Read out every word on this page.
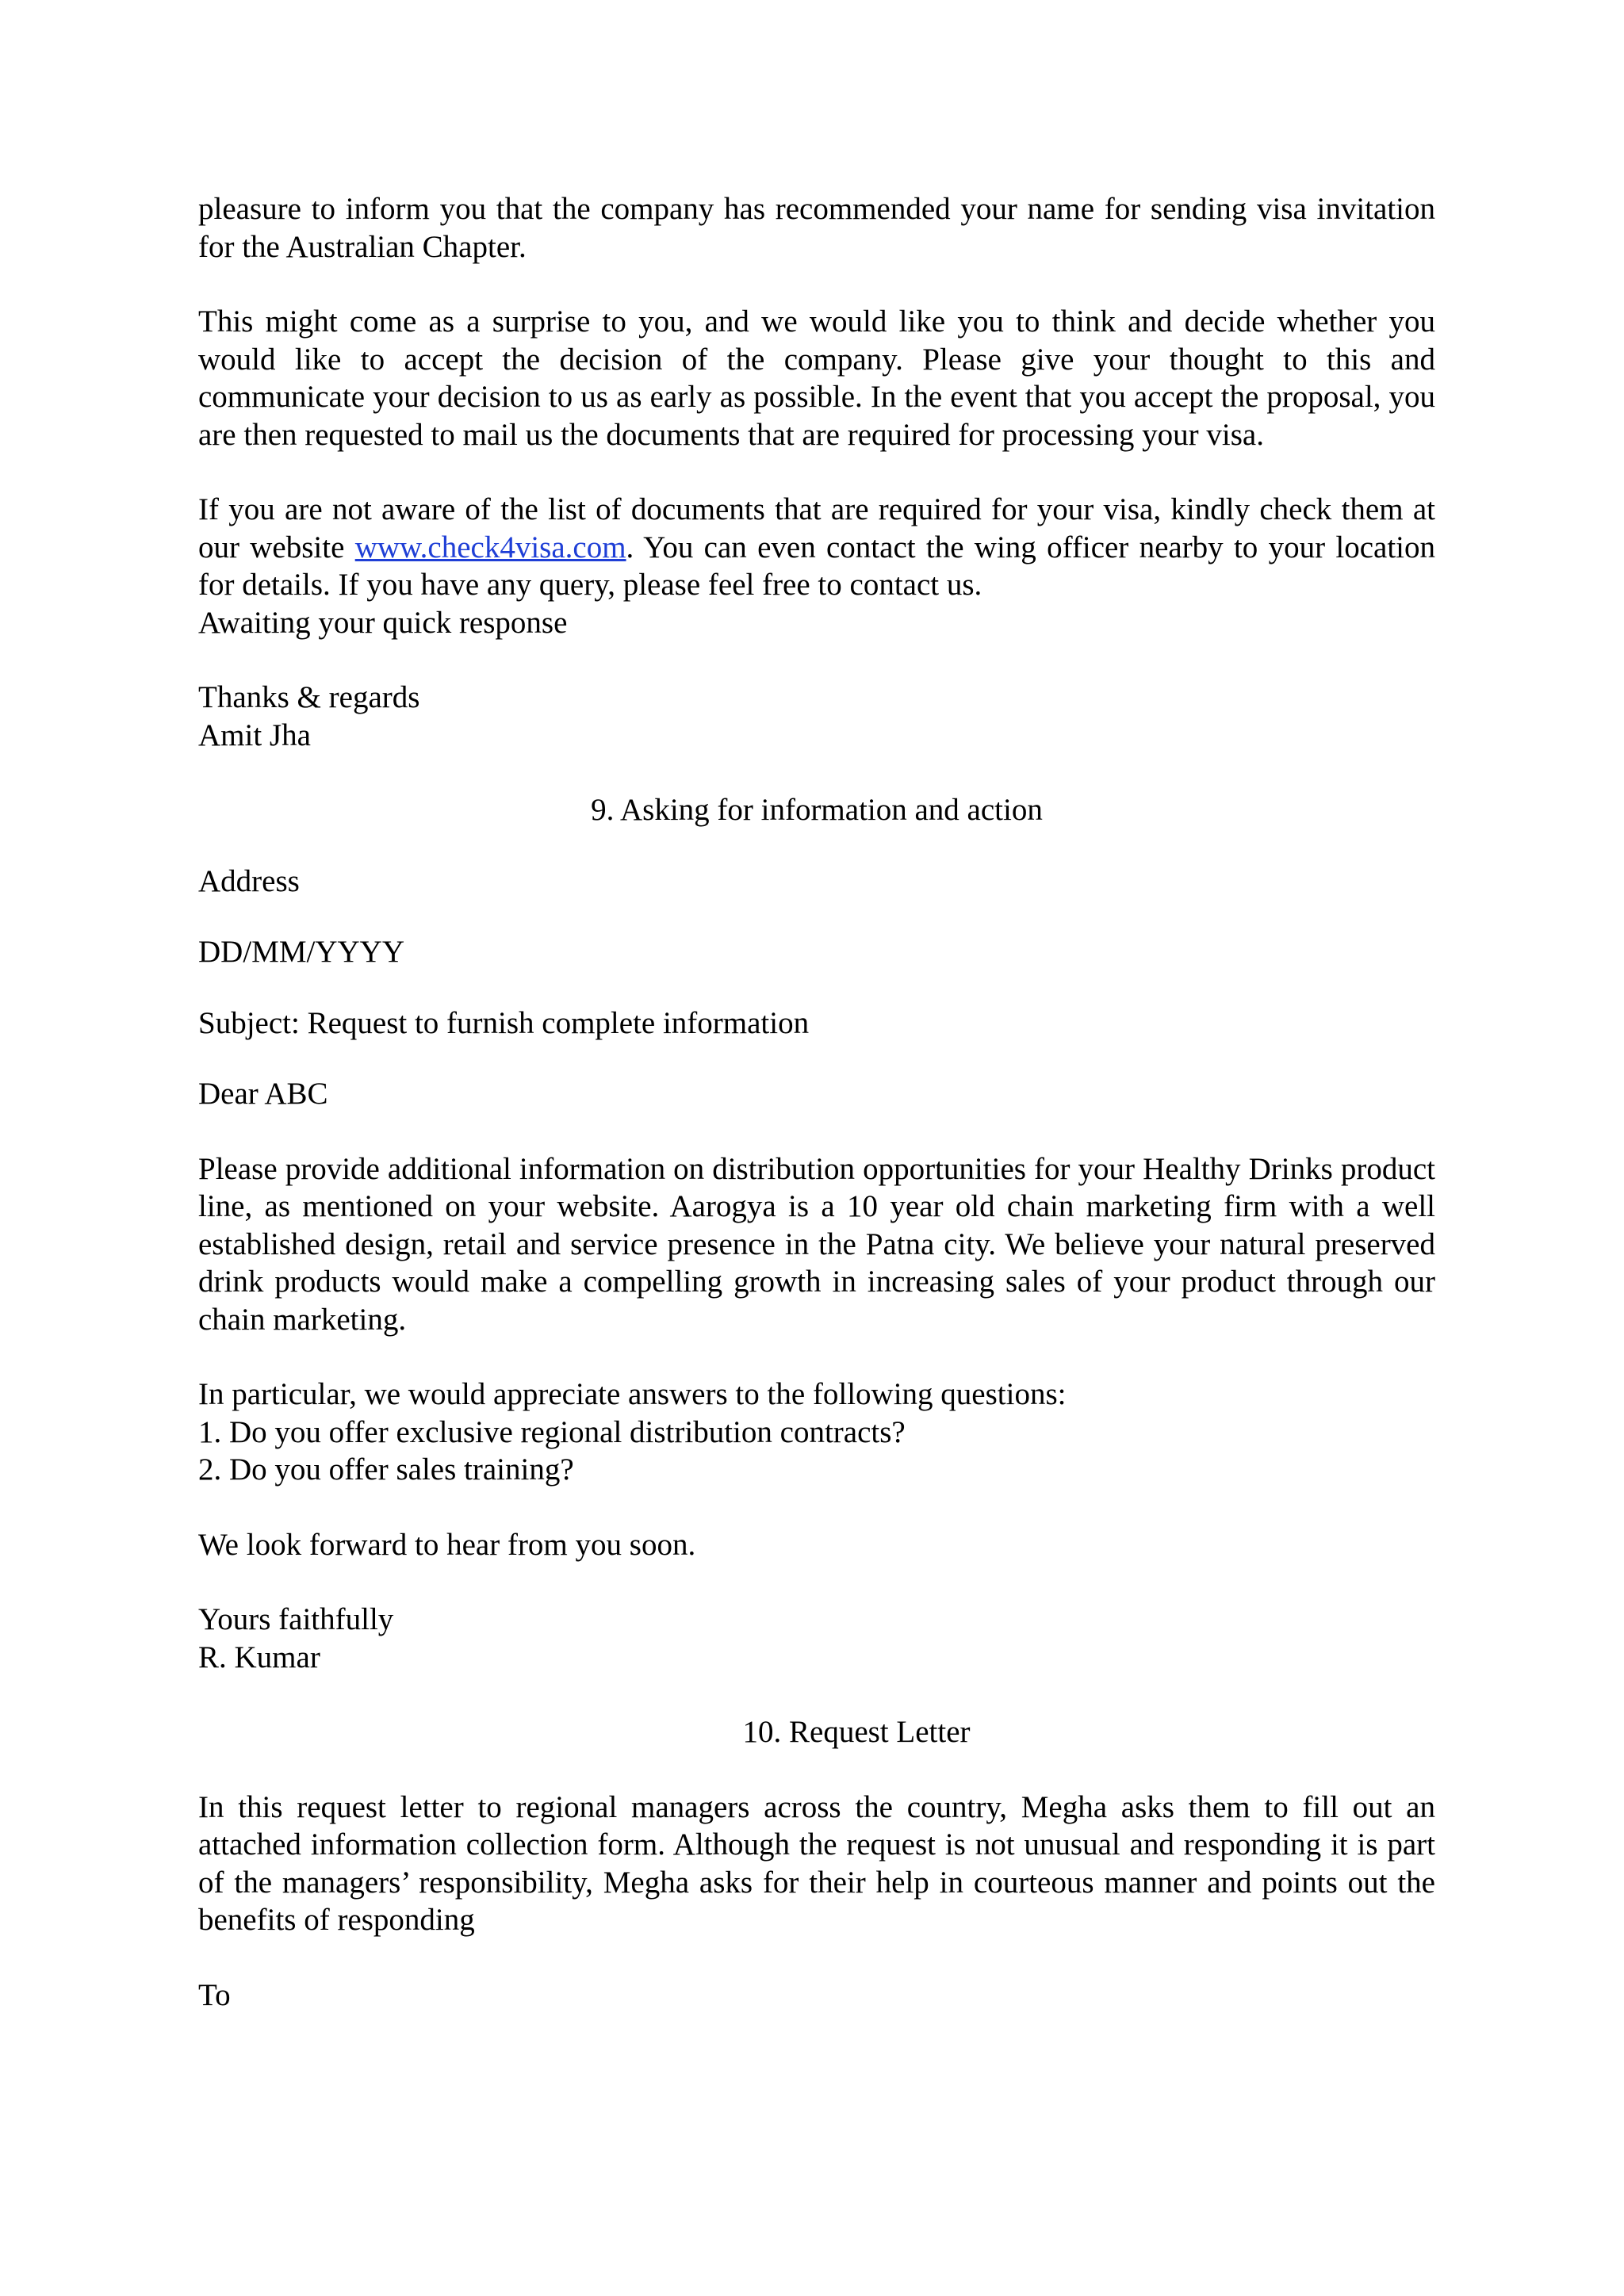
pleasure to inform you that the company has recommended your name for sending visa invitation for the Australian Chapter.

This might come as a surprise to you, and we would like you to think and decide whether you would like to accept the decision of the company. Please give your thought to this and communicate your decision to us as early as possible. In the event that you accept the proposal, you are then requested to mail us the documents that are required for processing your visa.

If you are not aware of the list of documents that are required for your visa, kindly check them at our website www.check4visa.com. You can even contact the wing officer nearby to your location for details. If you have any query, please feel free to contact us.

Awaiting your quick response

Thanks & regards

Amit Jha

9. Asking for information and action

Address

DD/MM/YYYY

Subject: Request to furnish complete information

Dear ABC

Please provide additional information on distribution opportunities for your Healthy Drinks product line, as mentioned on your website. Aarogya is a 10 year old chain marketing firm with a well established design, retail and service presence in the Patna city. We believe your natural preserved drink products would make a compelling growth in increasing sales of your product through our chain marketing.

In particular, we would appreciate answers to the following questions:

1. Do you offer exclusive regional distribution contracts?

2. Do you offer sales training?

We look forward to hear from you soon.

Yours faithfully

R. Kumar

10. Request Letter

In this request letter to regional managers across the country, Megha asks them to fill out an attached information collection form. Although the request is not unusual and responding it is part of the managers’ responsibility, Megha asks for their help in courteous manner and points out the benefits of responding

To
